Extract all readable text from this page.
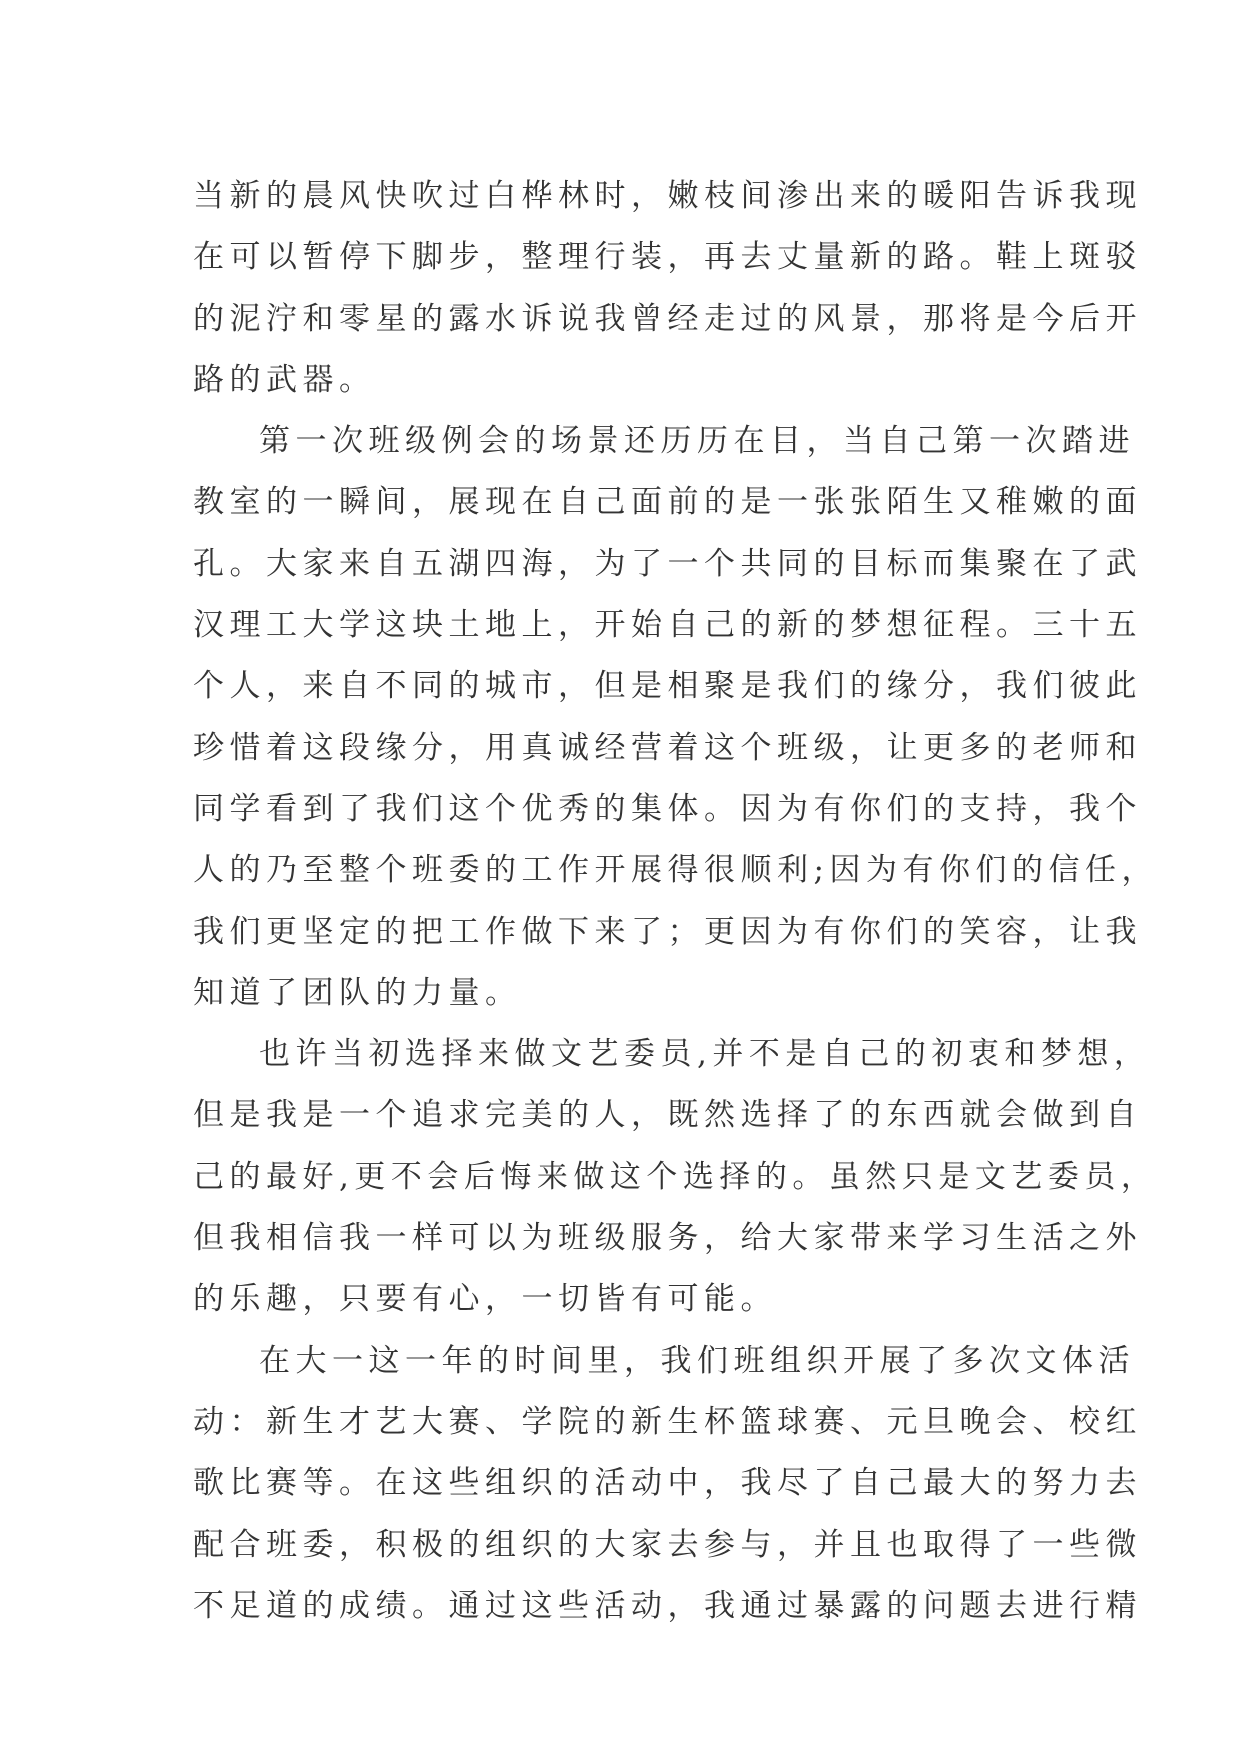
当新的晨风快吹过白桦林时，嫩枝间渗出来的暖阳告诉我现
在可以暂停下脚步，整理行装，再去丈量新的路。鞋上斑驳
的泥泞和零星的露水诉说我曾经走过的风景，那将是今后开
路的武器。
第一次班级例会的场景还历历在目，当自己第一次踏进
教室的一瞬间，展现在自己面前的是一张张陌生又稚嫩的面
孔。大家来自五湖四海，为了一个共同的目标而集聚在了武
汉理工大学这块土地上，开始自己的新的梦想征程。三十五
个人，来自不同的城市，但是相聚是我们的缘分，我们彼此
珍惜着这段缘分，用真诚经营着这个班级，让更多的老师和
同学看到了我们这个优秀的集体。因为有你们的支持，我个
人的乃至整个班委的工作开展得很顺利;因为有你们的信任，
我们更坚定的把工作做下来了；更因为有你们的笑容，让我
知道了团队的力量。
也许当初选择来做文艺委员,并不是自己的初衷和梦想，
但是我是一个追求完美的人，既然选择了的东西就会做到自
己的最好,更不会后悔来做这个选择的。虽然只是文艺委员，
但我相信我一样可以为班级服务，给大家带来学习生活之外
的乐趣，只要有心，一切皆有可能。
在大一这一年的时间里，我们班组织开展了多次文体活
动：新生才艺大赛、学院的新生杯篮球赛、元旦晚会、校红
歌比赛等。在这些组织的活动中，我尽了自己最大的努力去
配合班委，积极的组织的大家去参与，并且也取得了一些微
不足道的成绩。通过这些活动，我通过暴露的问题去进行精
